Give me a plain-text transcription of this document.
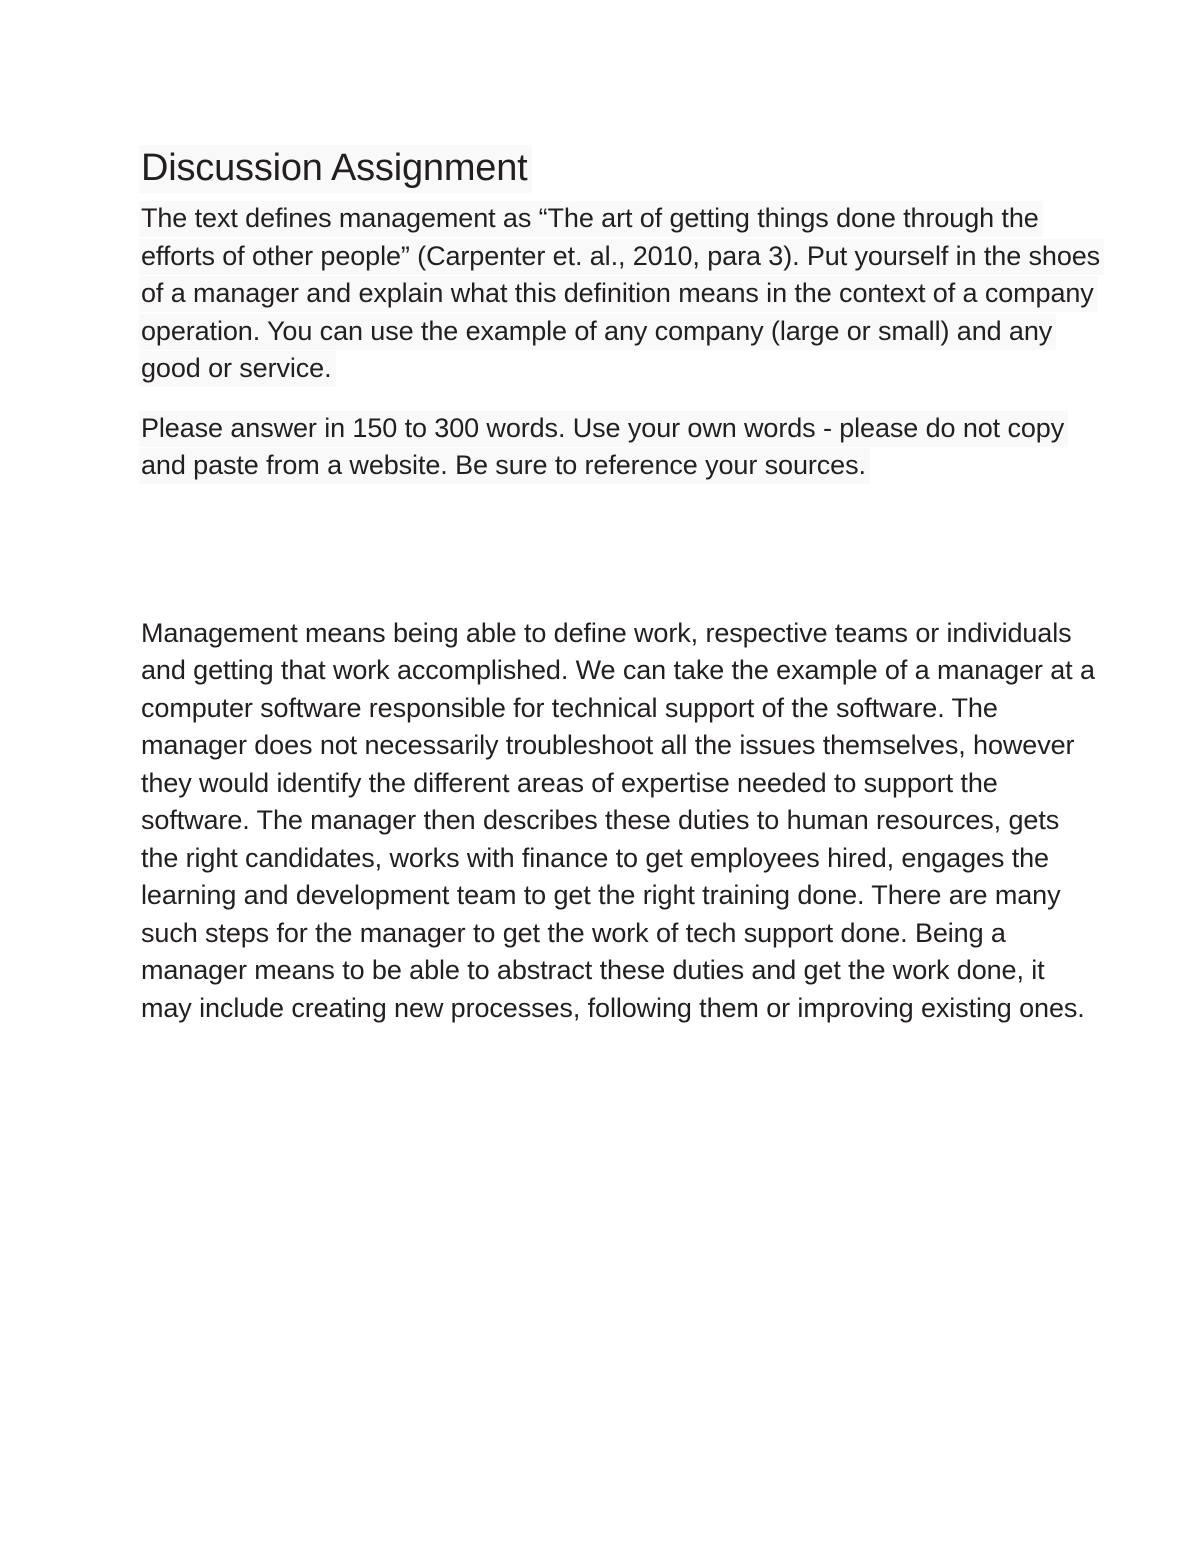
Discussion Assignment

The text defines management as “The art of getting things done through the efforts of other people” (Carpenter et. al., 2010, para 3). Put yourself in the shoes of a manager and explain what this definition means in the context of a company operation. You can use the example of any company (large or small) and any good or service.

Please answer in 150 to 300 words. Use your own words - please do not copy and paste from a website. Be sure to reference your sources.

Management means being able to define work, respective teams or individuals and getting that work accomplished. We can take the example of a manager at a computer software responsible for technical support of the software. The manager does not necessarily troubleshoot all the issues themselves, however they would identify the different areas of expertise needed to support the software. The manager then describes these duties to human resources, gets the right candidates, works with finance to get employees hired, engages the learning and development team to get the right training done. There are many such steps for the manager to get the work of tech support done. Being a manager means to be able to abstract these duties and get the work done, it may include creating new processes, following them or improving existing ones.
